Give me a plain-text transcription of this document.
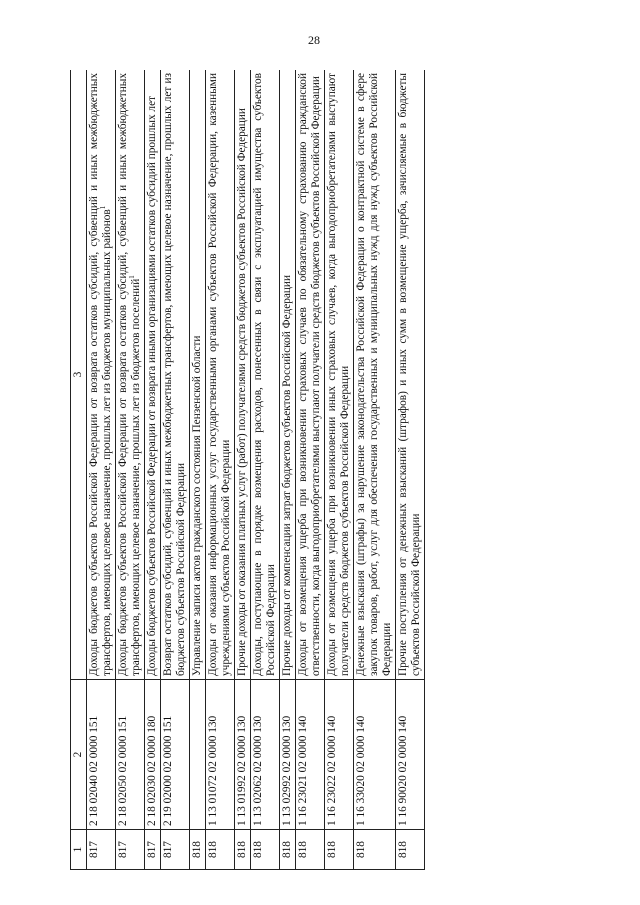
28
1	2	3
817	2 18 02040 02 0000 151	Доходы бюджетов субъектов Российской Федерации от возврата остатков субсидий, субвенций и иных межбюджетных трансфертов, имеющих целевое назначение, прошлых лет из бюджетов муниципальных районов$^1$
817	2 18 02050 02 0000 151	Доходы бюджетов субъектов Российской Федерации от возврата остатков субсидий, субвенций и иных межбюджетных трансфертов, имеющих целевое назначение, прошлых лет из бюджетов поселений$^1$
817	2 18 02030 02 0000 180	Доходы бюджетов субъектов Российской Федерации от возврата иными организациями остатков субсидий прошлых лет
817	2 19 02000 02 0000 151	Возврат остатков субсидий, субвенций и иных межбюджетных трансфертов, имеющих целевое назначение, прошлых лет из бюджетов субъектов Российской Федерации
818		Управление записи актов гражданского состояния Пензенской области
818	1 13 01072 02 0000 130	Доходы от оказания информационных услуг государственными органами субъектов Российской Федерации, казенными учреждениями субъектов Российской Федерации
818	1 13 01992 02 0000 130	Прочие доходы от оказания платных услуг (работ) получателями средств бюджетов субъектов Российской Федерации
818	1 13 02062 02 0000 130	Доходы, поступающие в порядке возмещения расходов, понесенных в связи с эксплуатацией имущества субъектов Российской Федерации
818	1 13 02992 02 0000 130	Прочие доходы от компенсации затрат бюджетов субъектов Российской Федерации
818	1 16 23021 02 0000 140	Доходы от возмещения ущерба при возникновении страховых случаев по обязательному страхованию гражданской ответственности, когда выгодоприобретателями выступают получатели средств бюджетов субъектов Российской Федерации
818	1 16 23022 02 0000 140	Доходы от возмещения ущерба при возникновении иных страховых случаев, когда выгодоприобретателями выступают получатели средств бюджетов субъектов Российской Федерации
818	1 16 33020 02 0000 140	Денежные взыскания (штрафы) за нарушение законодательства Российской Федерации о контрактной системе в сфере закупок товаров, работ, услуг для обеспечения государственных и муниципальных нужд для нужд субъектов Российской Федерации
818	1 16 90020 02 0000 140	Прочие поступления от денежных взысканий (штрафов) и иных сумм в возмещение ущерба, зачисляемые в бюджеты субъектов Российской Федерации
